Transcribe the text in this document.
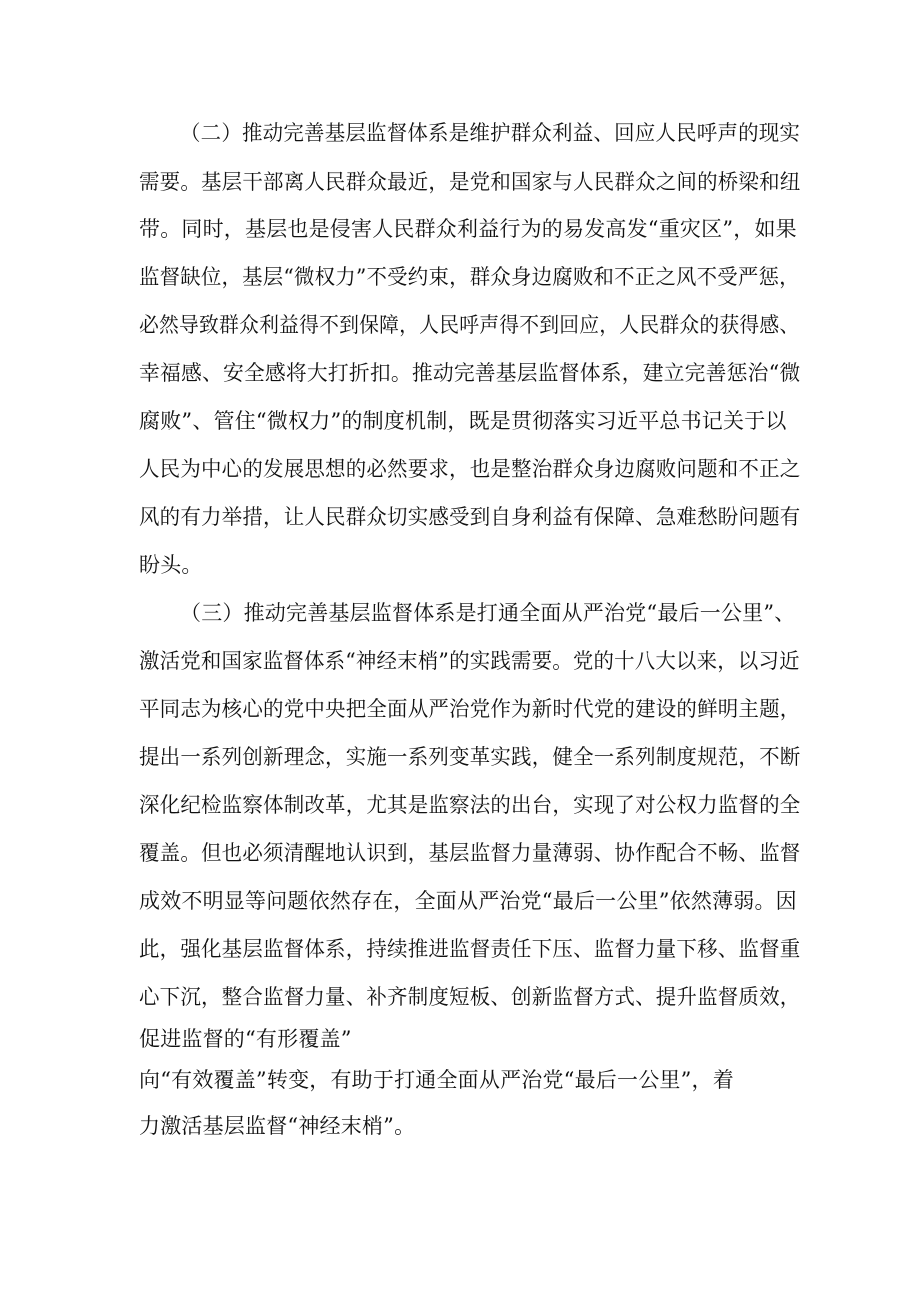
（二）推动完善基层监督体系是维护群众利益、回应人民呼声的现实
需要。基层干部离人民群众最近，是党和国家与人民群众之间的桥梁和纽
带。同时，基层也是侵害人民群众利益行为的易发高发“重灾区”，如果
监督缺位，基层“微权力”不受约束，群众身边腐败和不正之风不受严惩，
必然导致群众利益得不到保障，人民呼声得不到回应，人民群众的获得感、
幸福感、安全感将大打折扣。推动完善基层监督体系，建立完善惩治“微
腐败”、管住“微权力”的制度机制，既是贯彻落实习近平总书记关于以
人民为中心的发展思想的必然要求，也是整治群众身边腐败问题和不正之
风的有力举措，让人民群众切实感受到自身利益有保障、急难愁盼问题有
盼头。
（三）推动完善基层监督体系是打通全面从严治党“最后一公里”、
激活党和国家监督体系“神经末梢”的实践需要。党的十八大以来，以习近
平同志为核心的党中央把全面从严治党作为新时代党的建设的鲜明主题，
提出一系列创新理念，实施一系列变革实践，健全一系列制度规范，不断
深化纪检监察体制改革，尤其是监察法的出台，实现了对公权力监督的全
覆盖。但也必须清醒地认识到，基层监督力量薄弱、协作配合不畅、监督
成效不明显等问题依然存在，全面从严治党“最后一公里”依然薄弱。因
此，强化基层监督体系，持续推进监督责任下压、监督力量下移、监督重
心下沉，整合监督力量、补齐制度短板、创新监督方式、提升监督质效，
促进监督的“有形覆盖”
向“有效覆盖”转变，有助于打通全面从严治党“最后一公里”，着
力激活基层监督“神经末梢”。
